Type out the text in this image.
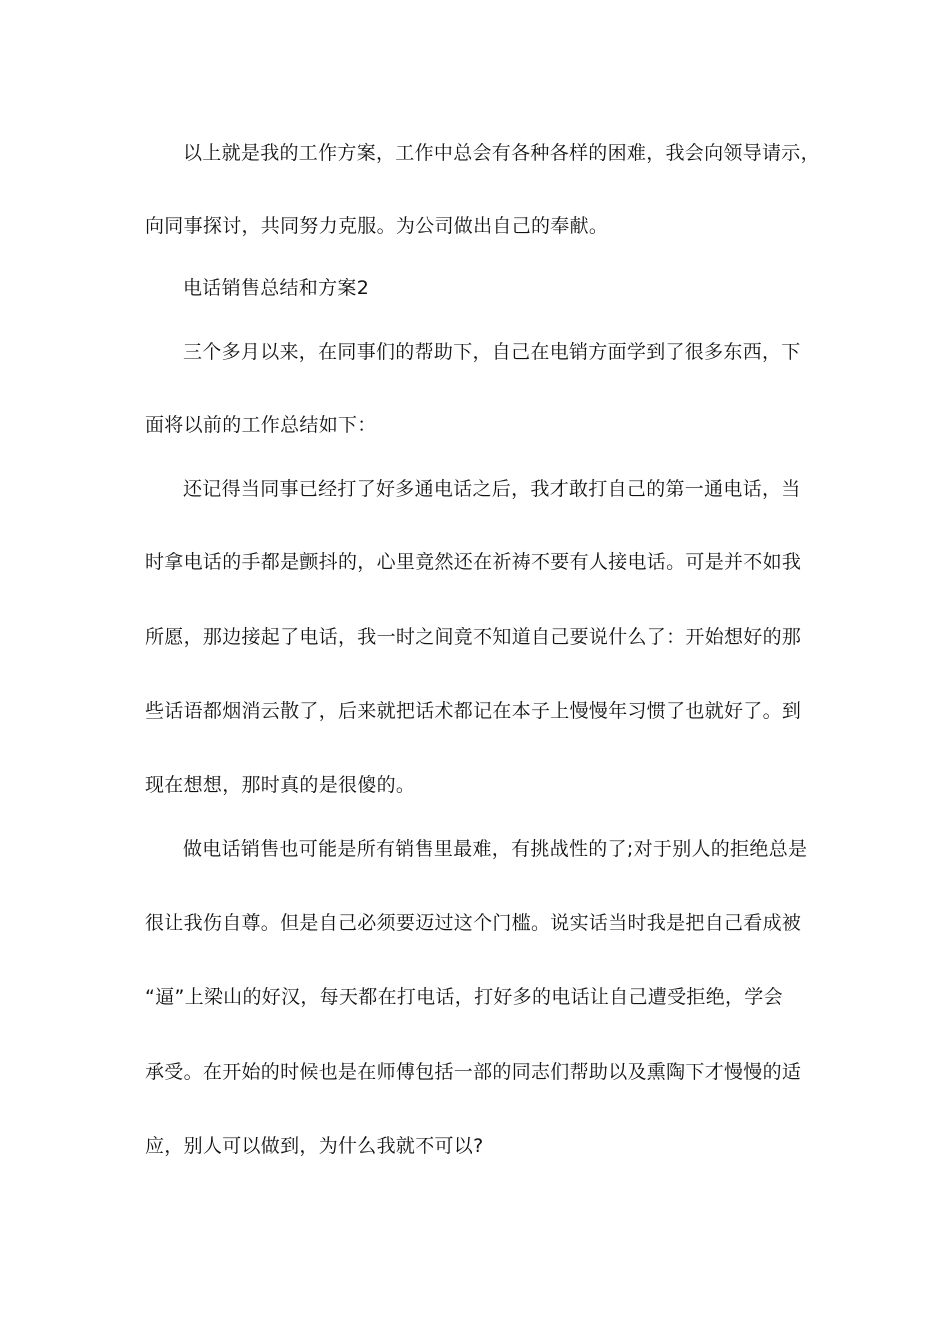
以上就是我的工作方案，工作中总会有各种各样的困难，我会向领导请示，
向同事探讨，共同努力克服。为公司做出自己的奉献。
电话销售总结和方案2
三个多月以来，在同事们的帮助下，自己在电销方面学到了很多东西，下
面将以前的工作总结如下：
还记得当同事已经打了好多通电话之后，我才敢打自己的第一通电话，当
时拿电话的手都是颤抖的，心里竟然还在祈祷不要有人接电话。可是并不如我
所愿，那边接起了电话，我一时之间竟不知道自己要说什么了：开始想好的那
些话语都烟消云散了，后来就把话术都记在本子上慢慢年习惯了也就好了。到
现在想想，那时真的是很傻的。
做电话销售也可能是所有销售里最难，有挑战性的了;对于别人的拒绝总是
很让我伤自尊。但是自己必须要迈过这个门槛。说实话当时我是把自己看成被
“逼”上梁山的好汉，每天都在打电话，打好多的电话让自己遭受拒绝，学会
承受。在开始的时候也是在师傅包括一部的同志们帮助以及熏陶下才慢慢的适
应，别人可以做到，为什么我就不可以?
